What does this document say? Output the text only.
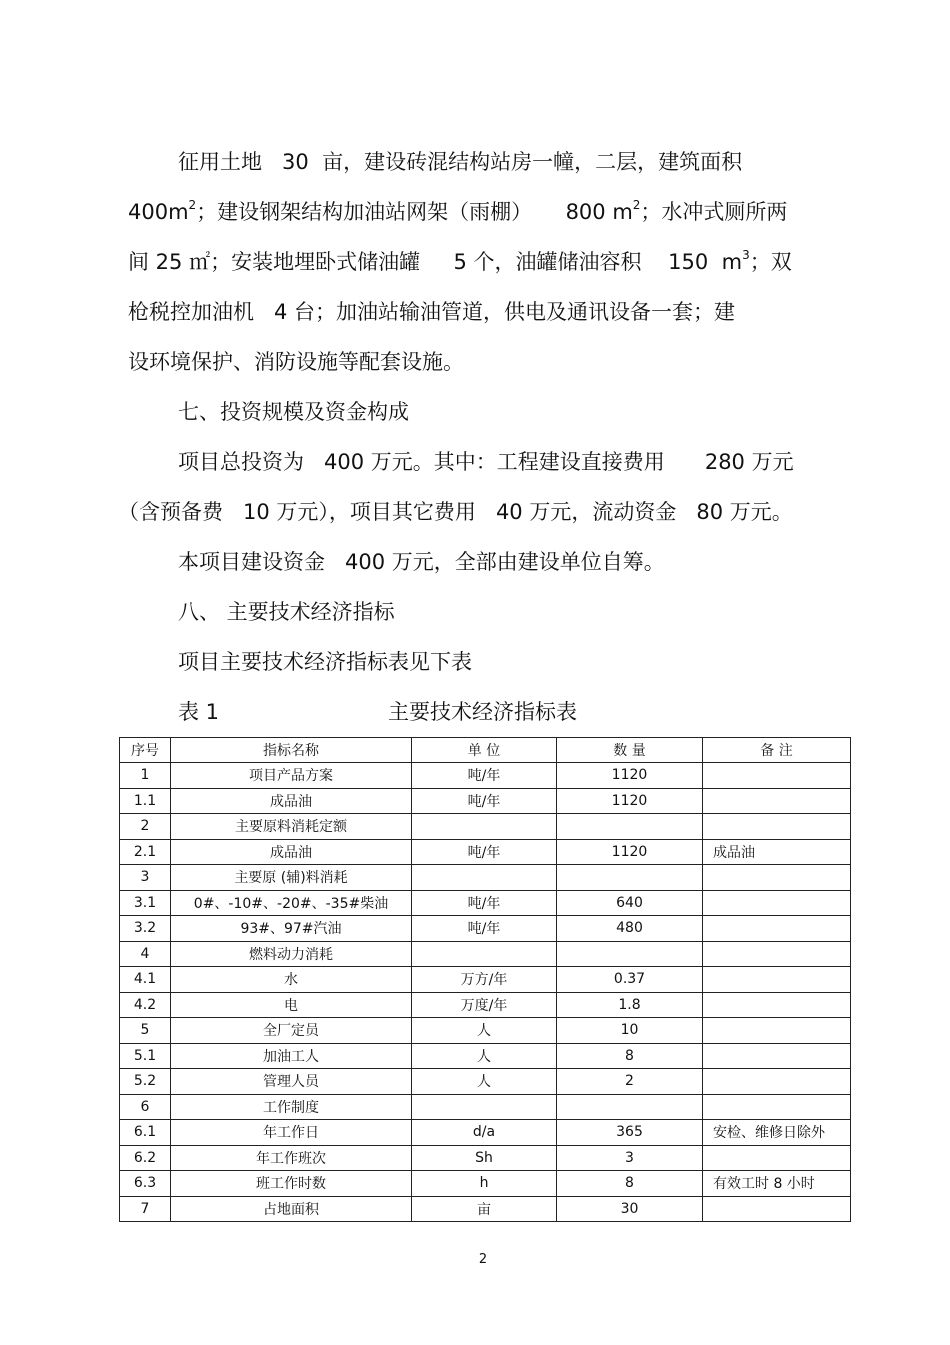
征用土地   30  亩，建设砖混结构站房一幢，二层，建筑面积
$400m^2$；建设钢架结构加油站网架（雨棚）     800 $m^2$；水冲式厕所两
间 25 ㎡；安装地埋卧式储油罐     5 个，油罐储油容积    150  $m^3$；双
枪税控加油机   4 台；加油站输油管道，供电及通讯设备一套；建
设环境保护、消防设施等配套设施。
七、投资规模及资金构成
项目总投资为   400 万元。其中：工程建设直接费用      280 万元
（含预备费   10 万元），项目其它费用   40 万元，流动资金   80 万元。
本项目建设资金   400 万元，全部由建设单位自筹。
八、 主要技术经济指标
项目主要技术经济指标表见下表
表 1	主要技术经济指标表
序号	指标名称	单 位	数 量	备 注
1	项目产品方案	吨/年	1120	
1.1	成品油	吨/年	1120	
2	主要原料消耗定额			
2.1	成品油	吨/年	1120	成品油
3	主要原 (辅)料消耗			
3.1	0#、-10#、-20#、-35#柴油	吨/年	640	
3.2	93#、97#汽油	吨/年	480	
4	燃料动力消耗			
4.1	水	万方/年	0.37	
4.2	电	万度/年	1.8	
5	全厂定员	人	10	
5.1	加油工人	人	8	
5.2	管理人员	人	2	
6	工作制度			
6.1	年工作日	d/a	365	安检、维修日除外
6.2	年工作班次	Sh	3	
6.3	班工作时数	h	8	有效工时 8 小时
7	占地面积	亩	30	
2
